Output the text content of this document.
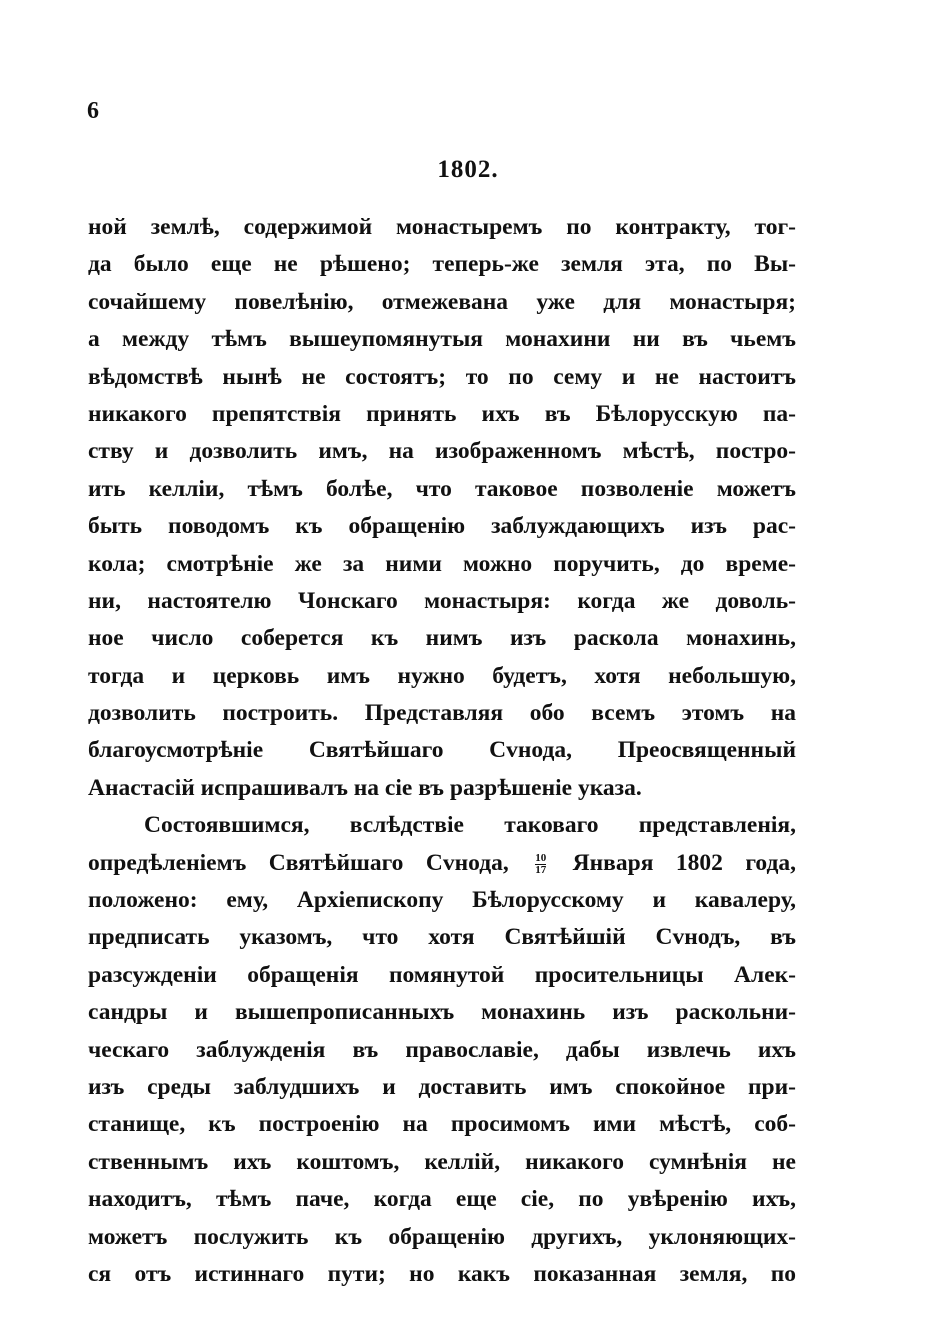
6
1802.
ной землѣ, содержимой монастыремъ по контракту, тог-
да было еще не рѣшено; теперь-же земля эта, по Вы-
сочайшему повелѣнію, отмежевана уже для монастыря;
а между тѣмъ вышеупомянутыя монахини ни въ чьемъ
вѣдомствѣ нынѣ не состоятъ; то по сему и не настоитъ
никакого препятствія принять ихъ въ Бѣлорусскую па-
ству и дозволить имъ, на изображенномъ мѣстѣ, постро-
ить келліи, тѣмъ болѣе, что таковое позволеніе можетъ
быть поводомъ къ обращенію заблуждающихъ изъ рас-
кола; смотрѣніе же за ними можно поручить, до време-
ни, настоятелю Чонскаго монастыря: когда же доволь-
ное число соберется къ нимъ изъ раскола монахинь,
тогда и церковь имъ нужно будетъ, хотя небольшую,
дозволить построить. Представляя обо всемъ этомъ на
благоусмотрѣніе Святѣйшаго Сvнода, Преосвященный
Анастасій испрашивалъ на сіе въ разрѣшеніе указа.
Состоявшимся, вслѣдствіе таковаго представленія,
опредѣленіемъ Святѣйшаго Сvнода, $\frac{10}{17}$ Января 1802 года,
положено: ему, Архіепископу Бѣлорусскому и кавалеру,
предписать указомъ, что хотя Святѣйшій Сvнодъ, въ
разсужденіи обращенія помянутой просительницы Алек-
сандры и вышепрописанныхъ монахинь изъ раскольни-
ческаго заблужденія въ православіе, дабы извлечь ихъ
изъ среды заблудшихъ и доставить имъ спокойное при-
станище, къ построенію на просимомъ ими мѣстѣ, соб-
ственнымъ ихъ коштомъ, келлій, никакого сумнѣнія не
находитъ, тѣмъ паче, когда еще сіе, по увѣренію ихъ,
можетъ послужить къ обращенію другихъ, уклоняющих-
ся отъ истиннаго пути; но какъ показанная земля, по
